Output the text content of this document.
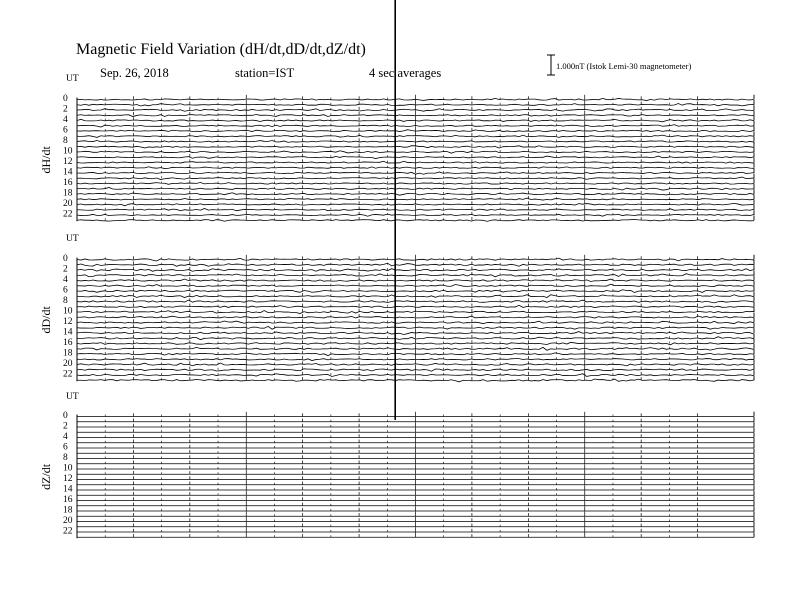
Magnetic Field Variation (dH/dt,dD/dt,dZ/dt)
Sep. 26, 2018	station=IST	4 sec averages	1.000nT (Istok Lemi-30 magnetometer)
UT
dH/dt
0
2
4
6
8
10
12
14
16
18
20
22
UT
dD/dt
0
2
4
6
8
10
12
14
16
18
20
22
UT
dZ/dt
0
2
4
6
8
10
12
14
16
18
20
22
